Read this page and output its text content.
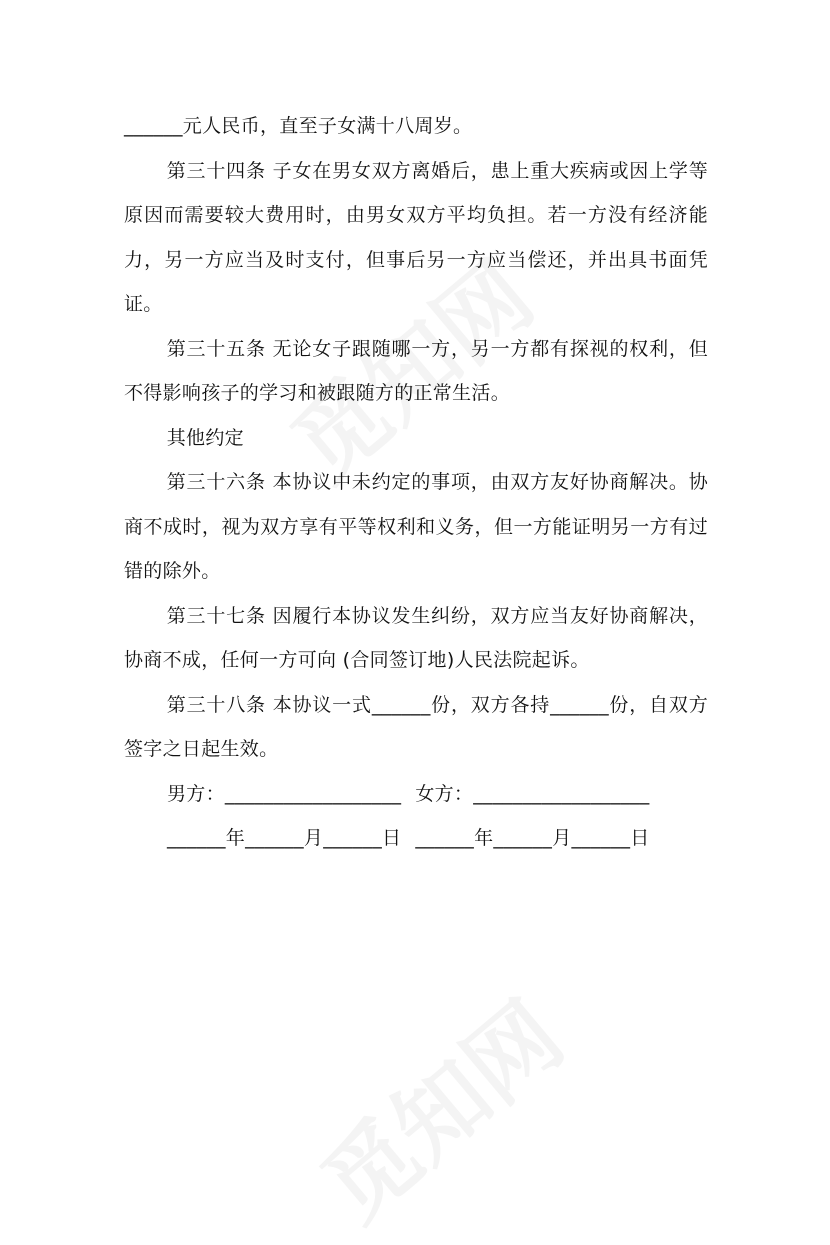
______元人民币，直至子女满十八周岁。

第三十四条 子女在男女双方离婚后，患上重大疾病或因上学等原因而需要较大费用时，由男女双方平均负担。若一方没有经济能力，另一方应当及时支付，但事后另一方应当偿还，并出具书面凭证。

第三十五条 无论女子跟随哪一方，另一方都有探视的权利，但不得影响孩子的学习和被跟随方的正常生活。

其他约定

第三十六条 本协议中未约定的事项，由双方友好协商解决。协商不成时，视为双方享有平等权利和义务，但一方能证明另一方有过错的除外。

第三十七条 因履行本协议发生纠纷，双方应当友好协商解决，协商不成，任何一方可向 (合同签订地)人民法院起诉。

第三十八条 本协议一式______份，双方各持______份，自双方签字之日起生效。

男方：__________________ 女方：__________________

______年______月______日 ______年______月______日
